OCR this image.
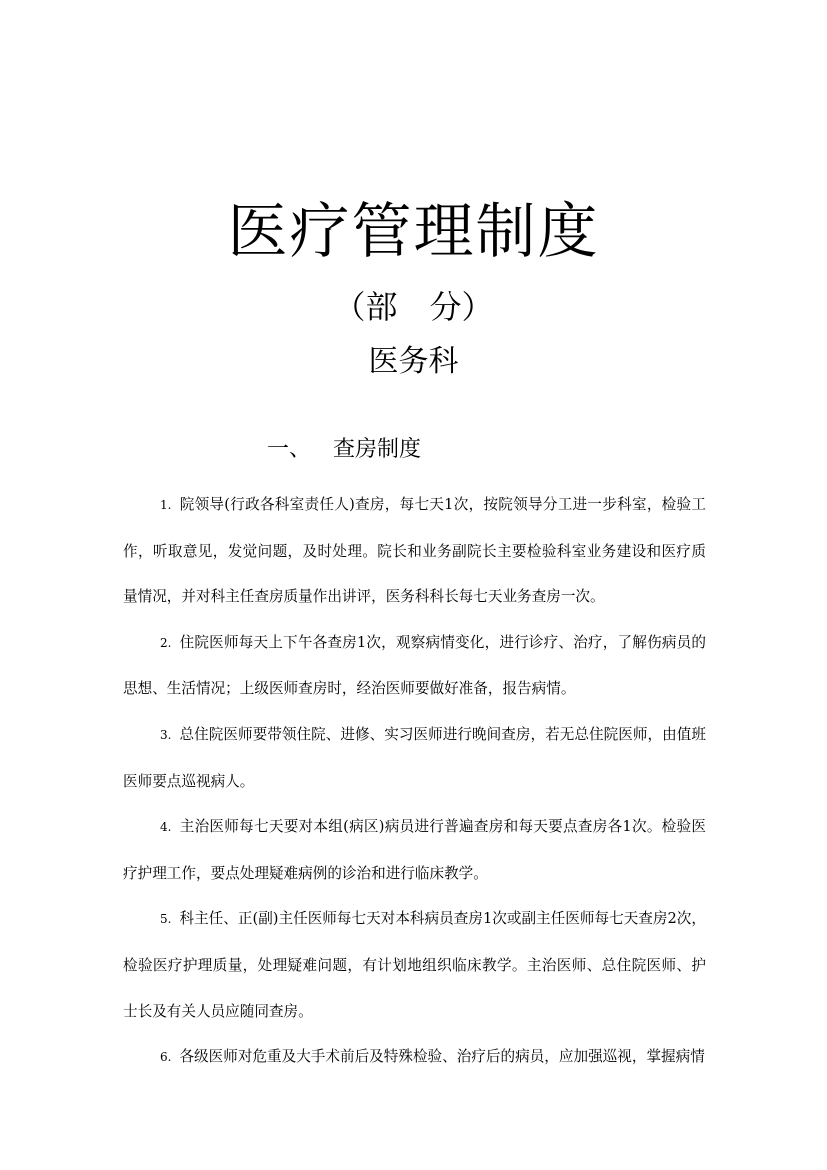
医疗管理制度
（部　分）
医务科
一、 查房制度

1. 院领导(行政各科室责任人)查房，每七天1次，按院领导分工进一步科室，检验工作，听取意见，发觉问题，及时处理。院长和业务副院长主要检验科室业务建设和医疗质量情况，并对科主任查房质量作出讲评，医务科科长每七天业务查房一次。

2. 住院医师每天上下午各查房1次，观察病情变化，进行诊疗、治疗，了解伤病员的思想、生活情况；上级医师查房时，经治医师要做好准备，报告病情。

3. 总住院医师要带领住院、进修、实习医师进行晚间查房，若无总住院医师，由值班医师要点巡视病人。

4. 主治医师每七天要对本组(病区)病员进行普遍查房和每天要点查房各1次。检验医疗护理工作，要点处理疑难病例的诊治和进行临床教学。

5. 科主任、正(副)主任医师每七天对本科病员查房1次或副主任医师每七天查房2次，检验医疗护理质量，处理疑难问题，有计划地组织临床教学。主治医师、总住院医师、护士长及有关人员应随同查房。

6. 各级医师对危重及大手术前后及特殊检验、治疗后的病员，应加强巡视，掌握病情
